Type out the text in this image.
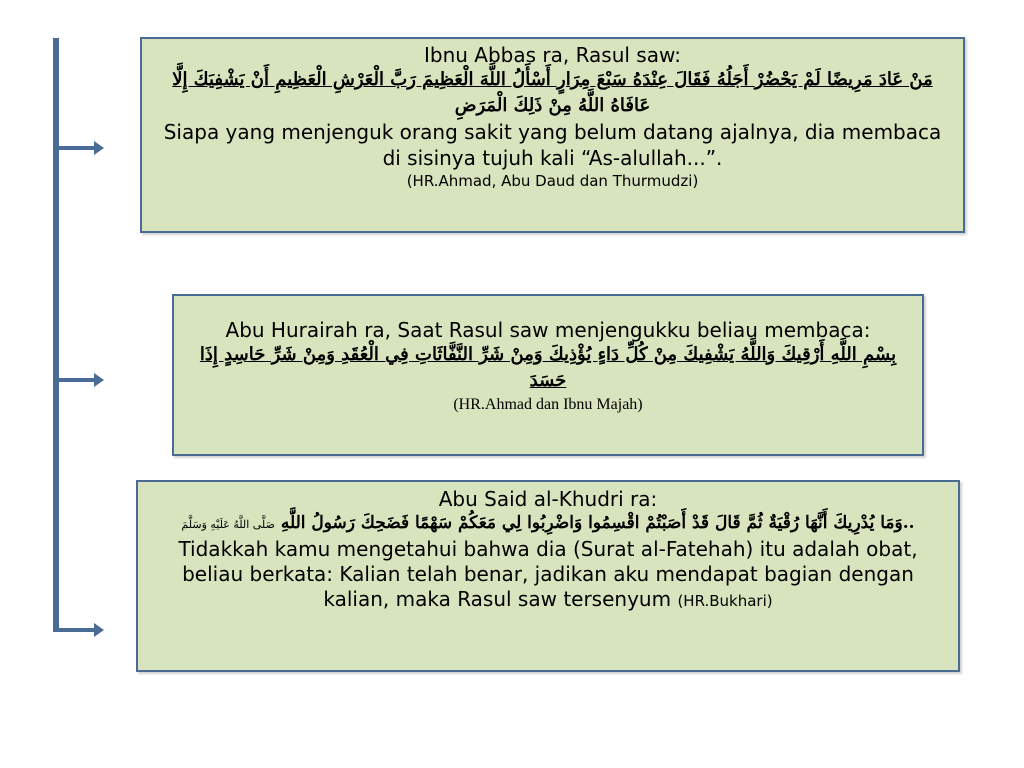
Ibnu Abbas ra, Rasul saw:
مَنْ عَادَ مَرِيضًا لَمْ يَحْضُرْ أَجَلُهُ فَقَالَ عِنْدَهُ سَبْعَ مِرَارٍ أَسْأَلُ اللَّهَ الْعَظِيمَ رَبَّ الْعَرْشِ الْعَظِيمِ أَنْ يَشْفِيَكَ إِلَّا
عَافَاهُ اللَّهُ مِنْ ذَلِكَ الْمَرَضِ
Siapa yang menjenguk orang sakit yang belum datang ajalnya, dia membaca di sisinya tujuh kali “As-alullah...”.
(HR.Ahmad, Abu Daud dan Thurmudzi)
Abu Hurairah ra, Saat Rasul saw menjengukku beliau membaca:
بِسْمِ اللَّهِ أَرْقِيكَ وَاللَّهُ يَشْفِيكَ مِنْ كُلِّ دَاءٍ يُؤْذِيكَ وَمِنْ شَرِّ النَّفَّاثَاتِ فِي الْعُقَدِ وَمِنْ شَرِّ حَاسِدٍ إِذَا حَسَدَ
(HR.Ahmad dan Ibnu Majah)
Abu Said al-Khudri ra:
..وَمَا يُدْرِيكَ أَنَّهَا رُقْيَةٌ ثُمَّ قَالَ قَدْ أَصَبْتُمْ اقْسِمُوا وَاضْرِبُوا لِي مَعَكُمْ سَهْمًا فَضَحِكَ رَسُولُ اللَّهِ صَلَّى اللَّهُ عَلَيْهِ وَسَلَّمَ
Tidakkah kamu mengetahui bahwa dia (Surat al-Fatehah) itu adalah obat, beliau berkata: Kalian telah benar, jadikan aku mendapat bagian dengan kalian, maka Rasul saw tersenyum (HR.Bukhari)
